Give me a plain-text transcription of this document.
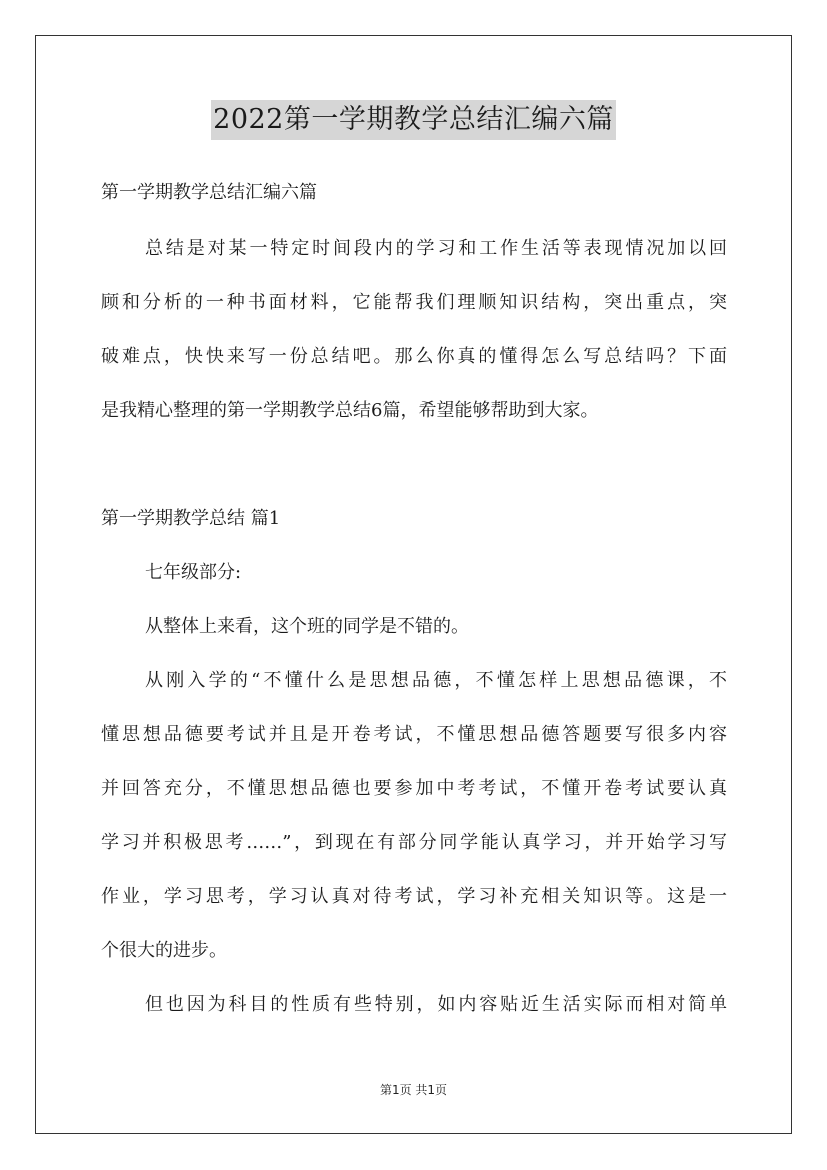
2022第一学期教学总结汇编六篇

第一学期教学总结汇编六篇

总结是对某一特定时间段内的学习和工作生活等表现情况加以回

顾和分析的一种书面材料，它能帮我们理顺知识结构，突出重点，突

破难点，快快来写一份总结吧。那么你真的懂得怎么写总结吗？下面

是我精心整理的第一学期教学总结6篇，希望能够帮助到大家。

第一学期教学总结 篇1

七年级部分:

从整体上来看，这个班的同学是不错的。

从刚入学的“不懂什么是思想品德，不懂怎样上思想品德课，不

懂思想品德要考试并且是开卷考试，不懂思想品德答题要写很多内容

并回答充分，不懂思想品德也要参加中考考试，不懂开卷考试要认真

学习并积极思考……”，到现在有部分同学能认真学习，并开始学习写

作业，学习思考，学习认真对待考试，学习补充相关知识等。这是一

个很大的进步。

但也因为科目的性质有些特别，如内容贴近生活实际而相对简单

第1页 共1页
